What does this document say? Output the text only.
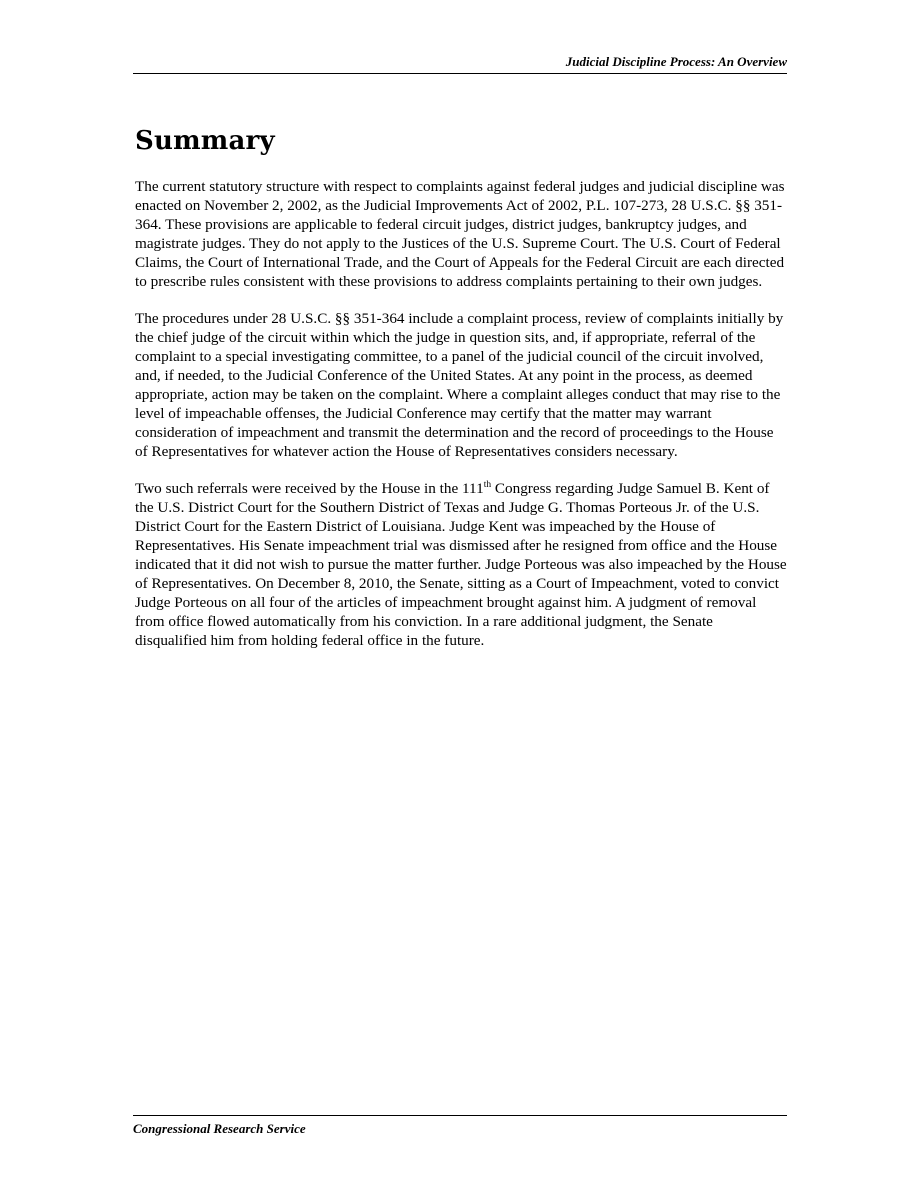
Judicial Discipline Process: An Overview
Summary

The current statutory structure with respect to complaints against federal judges and judicial discipline was enacted on November 2, 2002, as the Judicial Improvements Act of 2002, P.L. 107-273, 28 U.S.C. §§ 351-364. These provisions are applicable to federal circuit judges, district judges, bankruptcy judges, and magistrate judges. They do not apply to the Justices of the U.S. Supreme Court. The U.S. Court of Federal Claims, the Court of International Trade, and the Court of Appeals for the Federal Circuit are each directed to prescribe rules consistent with these provisions to address complaints pertaining to their own judges.

The procedures under 28 U.S.C. §§ 351-364 include a complaint process, review of complaints initially by the chief judge of the circuit within which the judge in question sits, and, if appropriate, referral of the complaint to a special investigating committee, to a panel of the judicial council of the circuit involved, and, if needed, to the Judicial Conference of the United States. At any point in the process, as deemed appropriate, action may be taken on the complaint. Where a complaint alleges conduct that may rise to the level of impeachable offenses, the Judicial Conference may certify that the matter may warrant consideration of impeachment and transmit the determination and the record of proceedings to the House of Representatives for whatever action the House of Representatives considers necessary.

Two such referrals were received by the House in the 111th Congress regarding Judge Samuel B. Kent of the U.S. District Court for the Southern District of Texas and Judge G. Thomas Porteous Jr. of the U.S. District Court for the Eastern District of Louisiana. Judge Kent was impeached by the House of Representatives. His Senate impeachment trial was dismissed after he resigned from office and the House indicated that it did not wish to pursue the matter further. Judge Porteous was also impeached by the House of Representatives. On December 8, 2010, the Senate, sitting as a Court of Impeachment, voted to convict Judge Porteous on all four of the articles of impeachment brought against him. A judgment of removal from office flowed automatically from his conviction. In a rare additional judgment, the Senate disqualified him from holding federal office in the future.

Congressional Research Service
